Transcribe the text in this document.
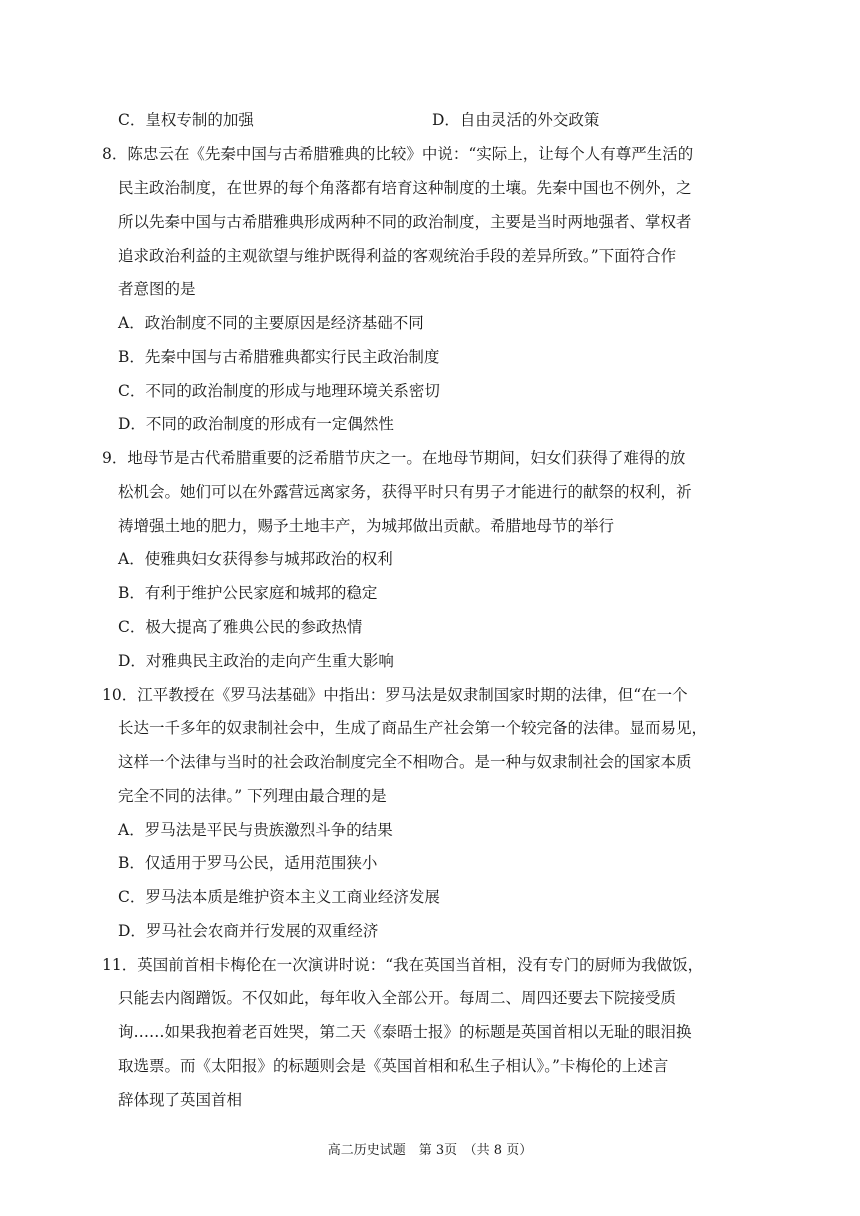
C．皇权专制的加强	D．自由灵活的外交政策
8．陈忠云在《先秦中国与古希腊雅典的比较》中说：“实际上，让每个人有尊严生活的
民主政治制度，在世界的每个角落都有培育这种制度的土壤。先秦中国也不例外，之
所以先秦中国与古希腊雅典形成两种不同的政治制度，主要是当时两地强者、掌权者
追求政治利益的主观欲望与维护既得利益的客观统治手段的差异所致。”下面符合作
者意图的是
A．政治制度不同的主要原因是经济基础不同
B．先秦中国与古希腊雅典都实行民主政治制度
C．不同的政治制度的形成与地理环境关系密切
D．不同的政治制度的形成有一定偶然性
9．地母节是古代希腊重要的泛希腊节庆之一。在地母节期间，妇女们获得了难得的放
松机会。她们可以在外露营远离家务，获得平时只有男子才能进行的献祭的权利，祈
祷增强土地的肥力，赐予土地丰产，为城邦做出贡献。希腊地母节的举行
A．使雅典妇女获得参与城邦政治的权利
B．有利于维护公民家庭和城邦的稳定
C．极大提高了雅典公民的参政热情
D．对雅典民主政治的走向产生重大影响
10．江平教授在《罗马法基础》中指出：罗马法是奴隶制国家时期的法律，但“在一个
长达一千多年的奴隶制社会中，生成了商品生产社会第一个较完备的法律。显而易见，
这样一个法律与当时的社会政治制度完全不相吻合。是一种与奴隶制社会的国家本质
完全不同的法律。” 下列理由最合理的是
A．罗马法是平民与贵族激烈斗争的结果
B．仅适用于罗马公民，适用范围狭小
C．罗马法本质是维护资本主义工商业经济发展
D．罗马社会农商并行发展的双重经济
11．英国前首相卡梅伦在一次演讲时说：“我在英国当首相，没有专门的厨师为我做饭，
只能去内阁蹭饭。不仅如此，每年收入全部公开。每周二、周四还要去下院接受质
询……如果我抱着老百姓哭，第二天《泰晤士报》的标题是英国首相以无耻的眼泪换
取选票。而《太阳报》的标题则会是《英国首相和私生子相认》。”卡梅伦的上述言
辞体现了英国首相
高二历史试题　第 3页　（共 8 页）
